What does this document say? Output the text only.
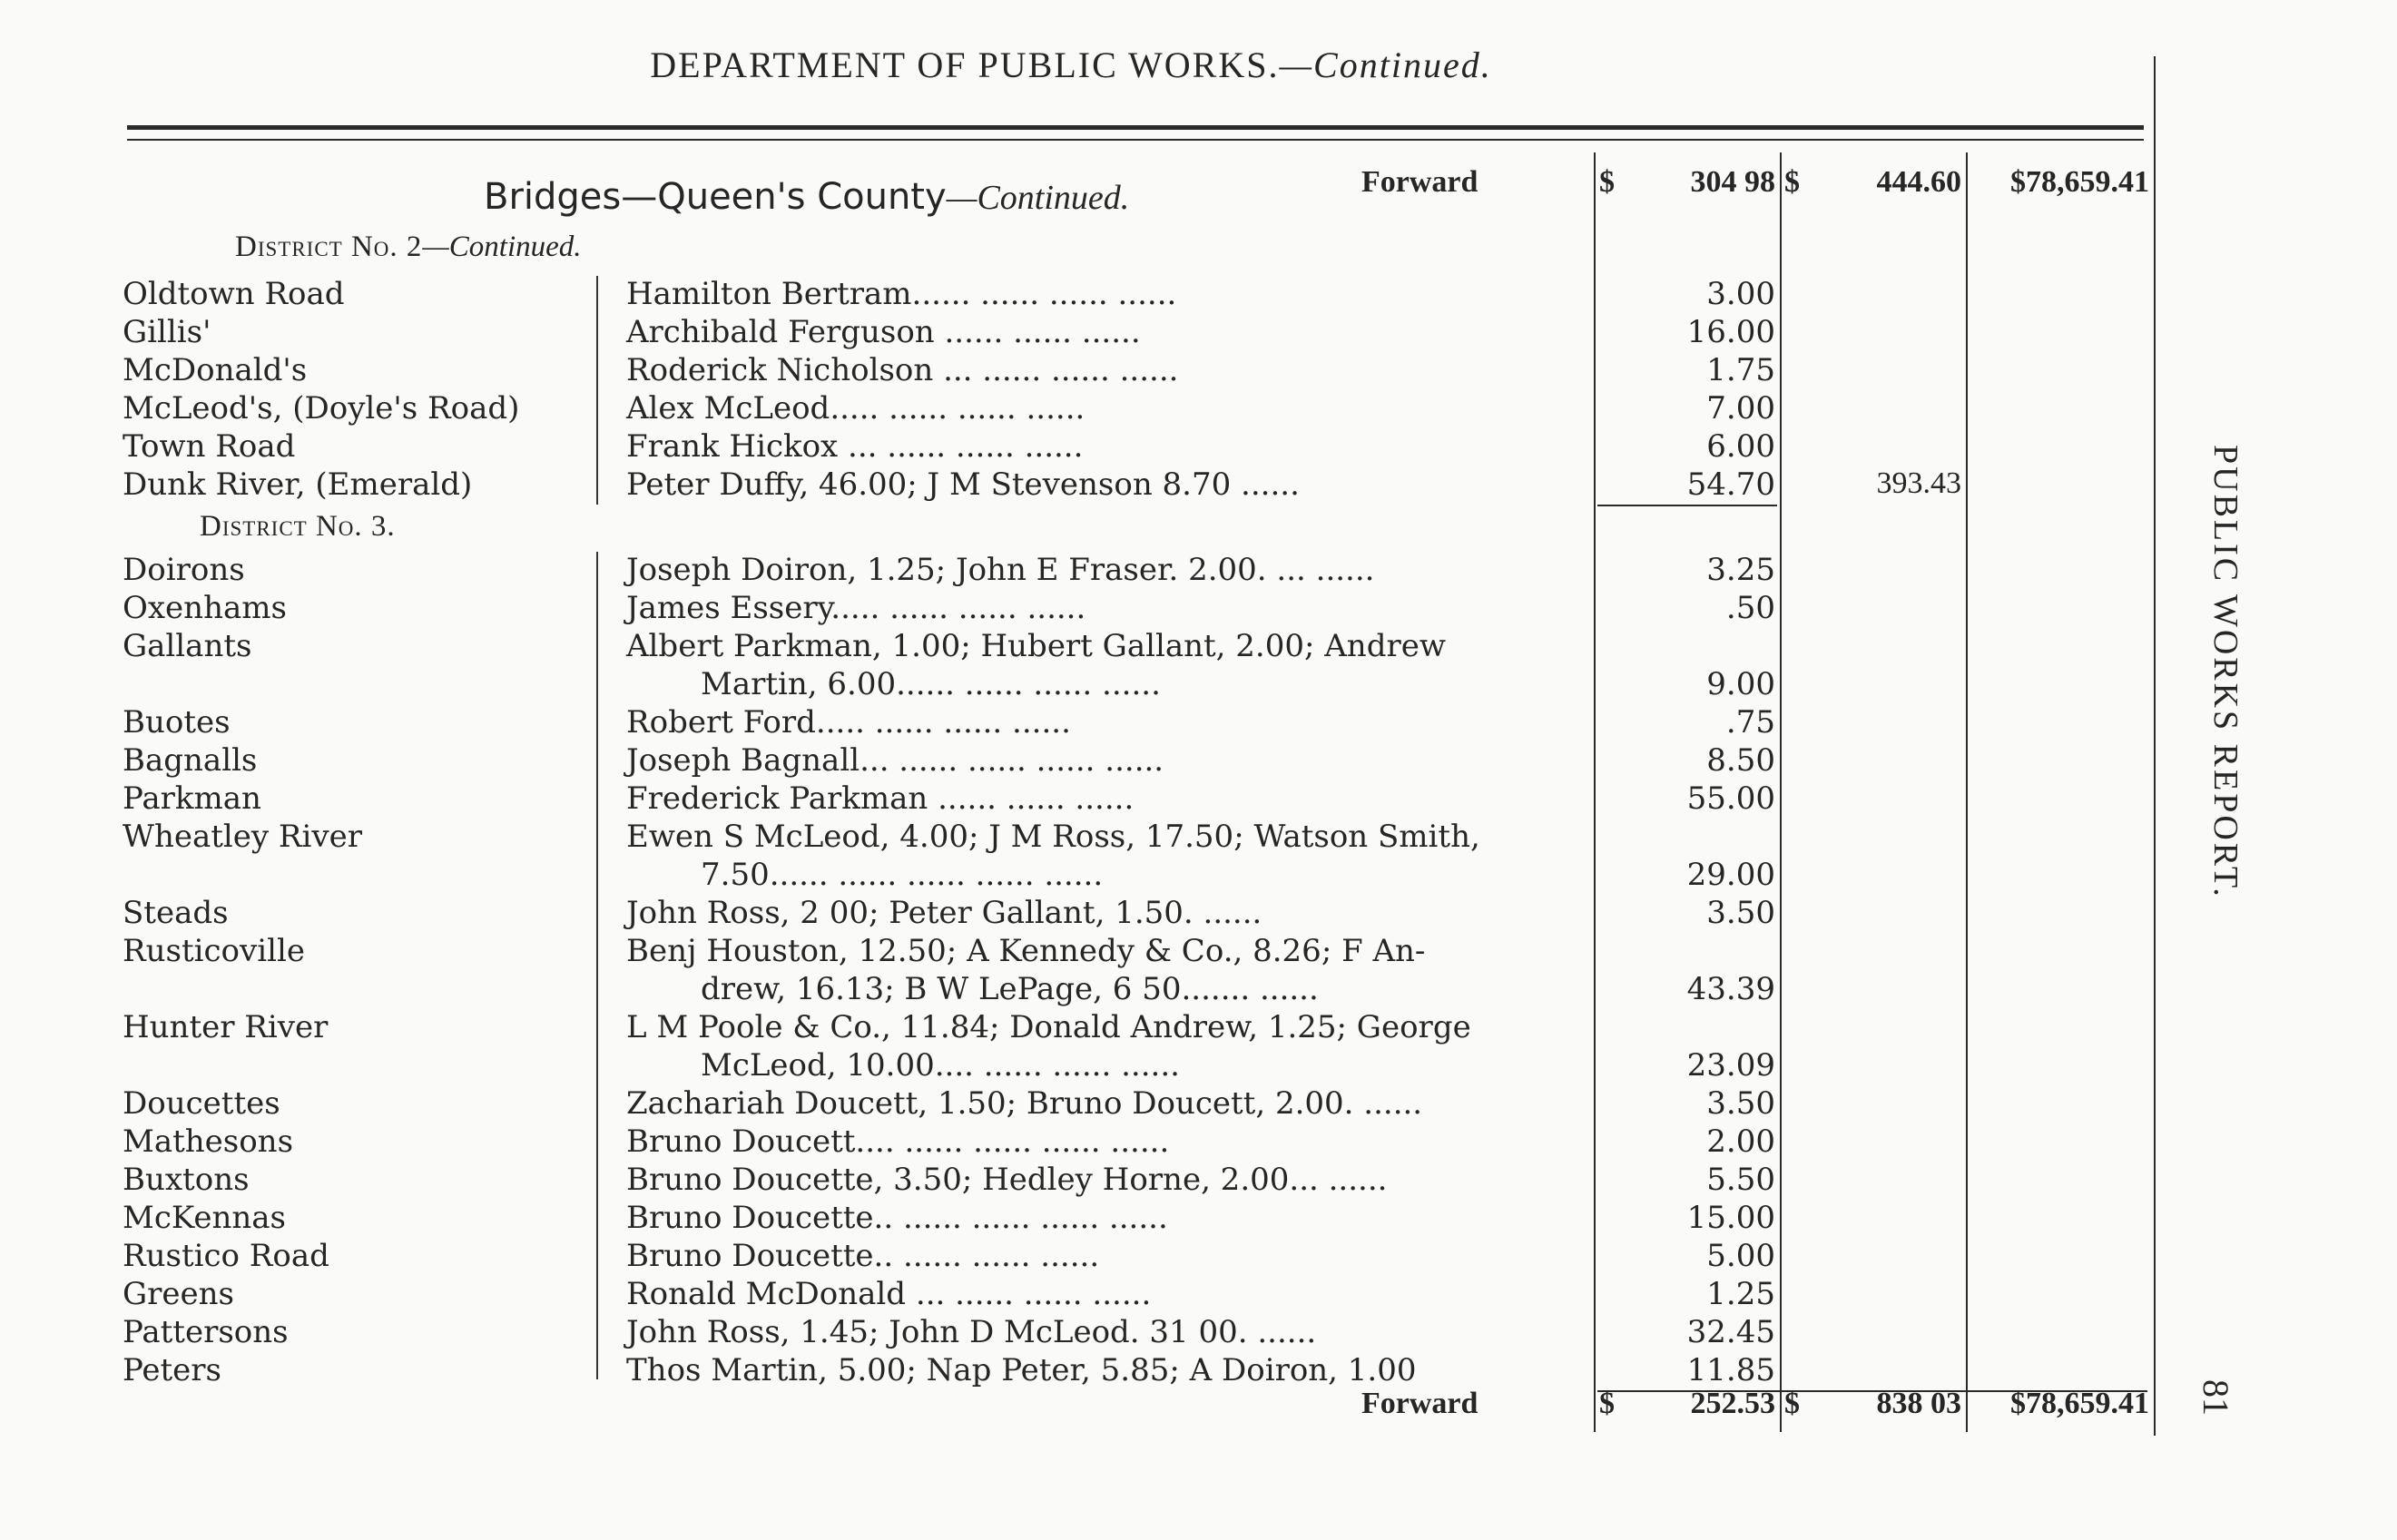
DEPARTMENT OF PUBLIC WORKS.—Continued.
Forward	$	304 98 $	444.60	$78,659.41
Bridges—Queen's County—Continued.
District No. 2—Continued.
Oldtown Road	Hamilton Bertram...... ...... ...... ......	3.00
Gillis'	Archibald Ferguson ...... ...... ......	16.00
McDonald's	Roderick Nicholson ... ...... ...... ......	1.75
McLeod's, (Doyle's Road)	Alex McLeod..... ...... ...... ......	7.00
Town Road	Frank Hickox ... ...... ...... ......	6.00
Dunk River, (Emerald)	Peter Duffy, 46.00; J M Stevenson 8.70 ......	54.70	393.43
District No. 3.
Doirons	Joseph Doiron, 1.25; John E Fraser. 2.00. ... ......	3.25
Oxenhams	James Essery..... ...... ...... ......	.50
Gallants	Albert Parkman, 1.00; Hubert Gallant, 2.00; Andrew
Martin, 6.00...... ...... ...... ......	9.00
Buotes	Robert Ford..... ...... ...... ......	.75
Bagnalls	Joseph Bagnall... ...... ...... ...... ......	8.50
Parkman	Frederick Parkman ...... ...... ......	55.00
Wheatley River	Ewen S McLeod, 4.00; J M Ross, 17.50; Watson Smith,
7.50...... ...... ...... ...... ......	29.00
Steads	John Ross, 2 00; Peter Gallant, 1.50. ......	3.50
Rusticoville	Benj Houston, 12.50; A Kennedy & Co., 8.26; F An-
drew, 16.13; B W LePage, 6 50....... ......	43.39
Hunter River	L M Poole & Co., 11.84; Donald Andrew, 1.25; George
McLeod, 10.00.... ...... ...... ......	23.09
Doucettes	Zachariah Doucett, 1.50; Bruno Doucett, 2.00. ......	3.50
Mathesons	Bruno Doucett.... ...... ...... ...... ......	2.00
Buxtons	Bruno Doucette, 3.50; Hedley Horne, 2.00... ......	5.50
McKennas	Bruno Doucette.. ...... ...... ...... ......	15.00
Rustico Road	Bruno Doucette.. ...... ...... ......	5.00
Greens	Ronald McDonald ... ...... ...... ......	1.25
Pattersons	John Ross, 1.45; John D McLeod. 31 00. ......	32.45
Peters	Thos Martin, 5.00; Nap Peter, 5.85; A Doiron, 1.00	11.85
Forward	$	252.53 $	838 03	$78,659.41
PUBLIC WORKS REPORT.
81
